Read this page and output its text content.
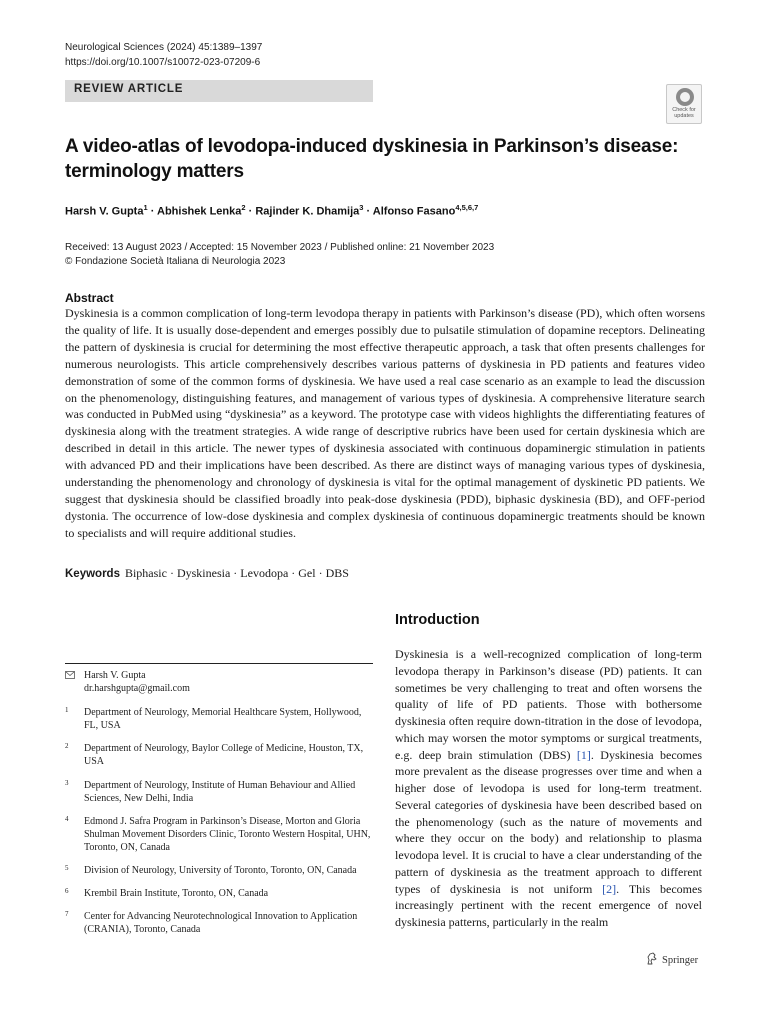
Neurological Sciences (2024) 45:1389–1397
https://doi.org/10.1007/s10072-023-07209-6
REVIEW ARTICLE
Check for
updates
A video-atlas of levodopa-induced dyskinesia in Parkinson’s disease: terminology matters
Harsh V. Gupta$^1$ · Abhishek Lenka$^2$ · Rajinder K. Dhamija$^3$ · Alfonso Fasano$^{4,5,6,7}$
Received: 13 August 2023 / Accepted: 15 November 2023 / Published online: 21 November 2023
© Fondazione Società Italiana di Neurologia 2023
Abstract

Dyskinesia is a common complication of long-term levodopa therapy in patients with Parkinson’s disease (PD), which often worsens the quality of life. It is usually dose-dependent and emerges possibly due to pulsatile stimulation of dopamine receptors. Delineating the pattern of dyskinesia is crucial for determining the most effective therapeutic approach, a task that often presents challenges for numerous neurologists. This article comprehensively describes various patterns of dyskinesia in PD patients and features video demonstration of some of the common forms of dyskinesia. We have used a real case scenario as an example to lead the discussion on the phenomenology, distinguishing features, and management of various types of dyskinesia. A comprehensive literature search was conducted in PubMed using “dyskinesia” as a keyword. The prototype case with videos highlights the differentiating features of dyskinesia along with the treatment strategies. A wide range of descriptive rubrics have been used for certain dyskinesia which are described in detail in this article. The newer types of dyskinesia associated with continuous dopaminergic stimulation in patients with advanced PD and their implications have been described. As there are distinct ways of managing various types of dyskinesia, understanding the phenomenology and chronology of dyskinesia is vital for the optimal management of dyskinetic PD patients. We suggest that dyskinesia should be classified broadly into peak-dose dyskinesia (PDD), biphasic dyskinesia (BD), and OFF-period dystonia. The occurrence of low-dose dyskinesia and complex dyskinesia of continuous dopaminergic treatments should be known to specialists and will require additional studies.

Keywords Biphasic · Dyskinesia · Levodopa · Gel · DBS
Introduction

Dyskinesia is a well-recognized complication of long-term levodopa therapy in Parkinson’s disease (PD) patients. It can sometimes be very challenging to treat and often worsens the quality of life of PD patients. Those with bothersome dyskinesia often require down-titration in the dose of levodopa, which may worsen the motor symptoms or surgical treatments, e.g. deep brain stimulation (DBS) [1]. Dyskinesia becomes more prevalent as the disease progresses over time and when a higher dose of levodopa is used for long-term treatment. Several categories of dyskinesia have been described based on the phenomenology (such as the nature of movements and where they occur on the body) and relationship to plasma levodopa level. It is crucial to have a clear understanding of the pattern of dyskinesia as the treatment approach to different types of dyskinesia is not uniform [2]. This becomes increasingly pertinent with the recent emergence of novel dyskinesia patterns, particularly in the realm

Harsh V. Gupta
dr.harshgupta@gmail.com
1 Department of Neurology, Memorial Healthcare System, Hollywood, FL, USA
2 Department of Neurology, Baylor College of Medicine, Houston, TX, USA
3 Department of Neurology, Institute of Human Behaviour and Allied Sciences, New Delhi, India
4 Edmond J. Safra Program in Parkinson’s Disease, Morton and Gloria Shulman Movement Disorders Clinic, Toronto Western Hospital, UHN, Toronto, ON, Canada
5 Division of Neurology, University of Toronto, Toronto, ON, Canada
6 Krembil Brain Institute, Toronto, ON, Canada
7 Center for Advancing Neurotechnological Innovation to Application (CRANIA), Toronto, Canada
Springer
